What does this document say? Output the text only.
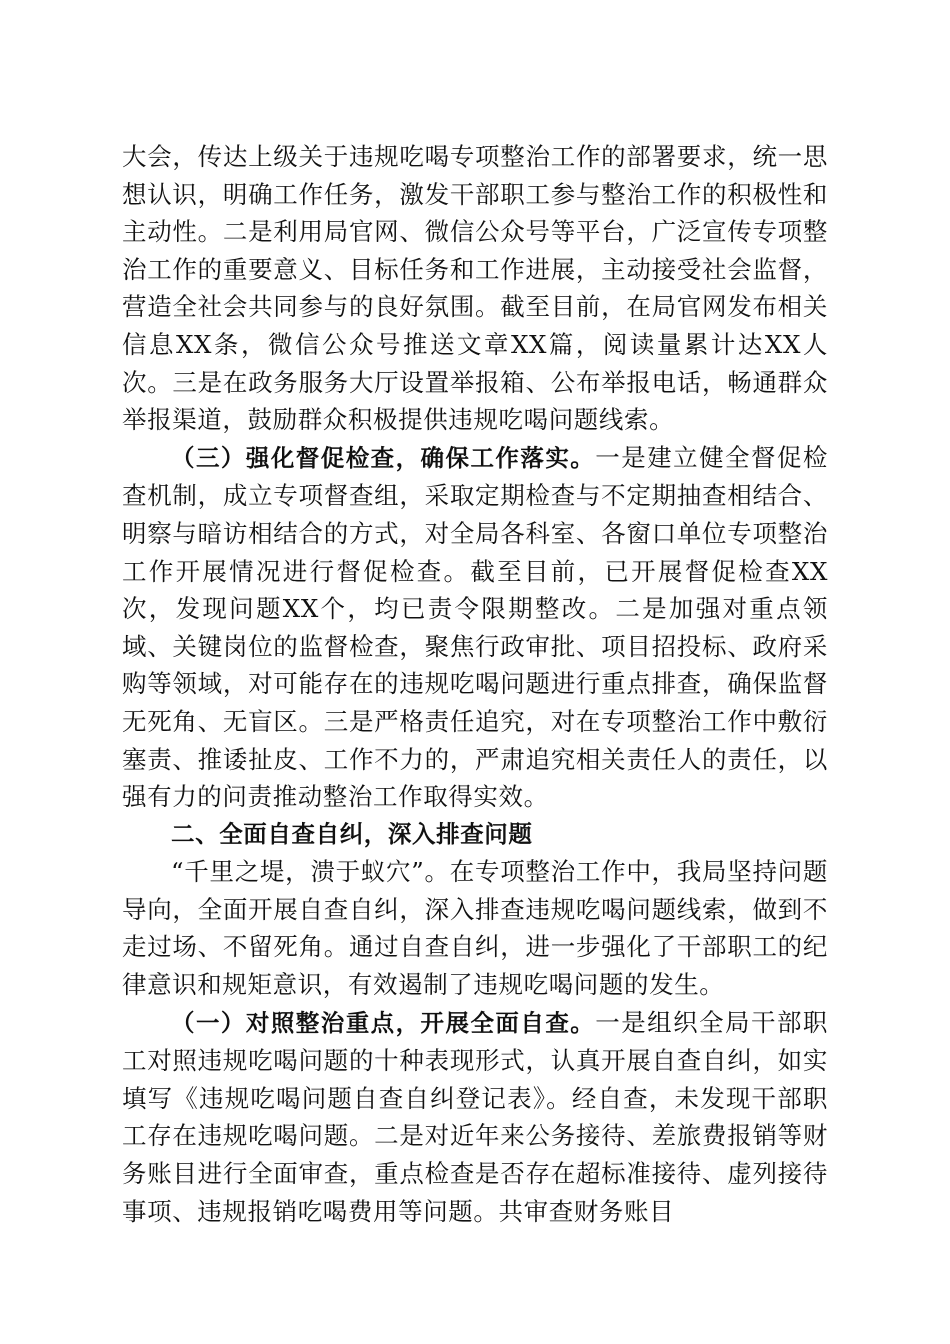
大会，传达上级关于违规吃喝专项整治工作的部署要求，统一思想认识，明确工作任务，激发干部职工参与整治工作的积极性和主动性。二是利用局官网、微信公众号等平台，广泛宣传专项整治工作的重要意义、目标任务和工作进展，主动接受社会监督，营造全社会共同参与的良好氛围。截至目前，在局官网发布相关信息XX条，微信公众号推送文章XX篇，阅读量累计达XX人次。三是在政务服务大厅设置举报箱、公布举报电话，畅通群众举报渠道，鼓励群众积极提供违规吃喝问题线索。

（三）强化督促检查，确保工作落实。一是建立健全督促检查机制，成立专项督查组，采取定期检查与不定期抽查相结合、明察与暗访相结合的方式，对全局各科室、各窗口单位专项整治工作开展情况进行督促检查。截至目前，已开展督促检查XX次，发现问题XX个，均已责令限期整改。二是加强对重点领域、关键岗位的监督检查，聚焦行政审批、项目招投标、政府采购等领域，对可能存在的违规吃喝问题进行重点排查，确保监督无死角、无盲区。三是严格责任追究，对在专项整治工作中敷衍塞责、推诿扯皮、工作不力的，严肃追究相关责任人的责任，以强有力的问责推动整治工作取得实效。

二、全面自查自纠，深入排查问题

“千里之堤，溃于蚁穴”。在专项整治工作中，我局坚持问题导向，全面开展自查自纠，深入排查违规吃喝问题线索，做到不走过场、不留死角。通过自查自纠，进一步强化了干部职工的纪律意识和规矩意识，有效遏制了违规吃喝问题的发生。

（一）对照整治重点，开展全面自查。一是组织全局干部职工对照违规吃喝问题的十种表现形式，认真开展自查自纠，如实填写《违规吃喝问题自查自纠登记表》。经自查，未发现干部职工存在违规吃喝问题。二是对近年来公务接待、差旅费报销等财务账目进行全面审查，重点检查是否存在超标准接待、虚列接待事项、违规报销吃喝费用等问题。共审查财务账目
